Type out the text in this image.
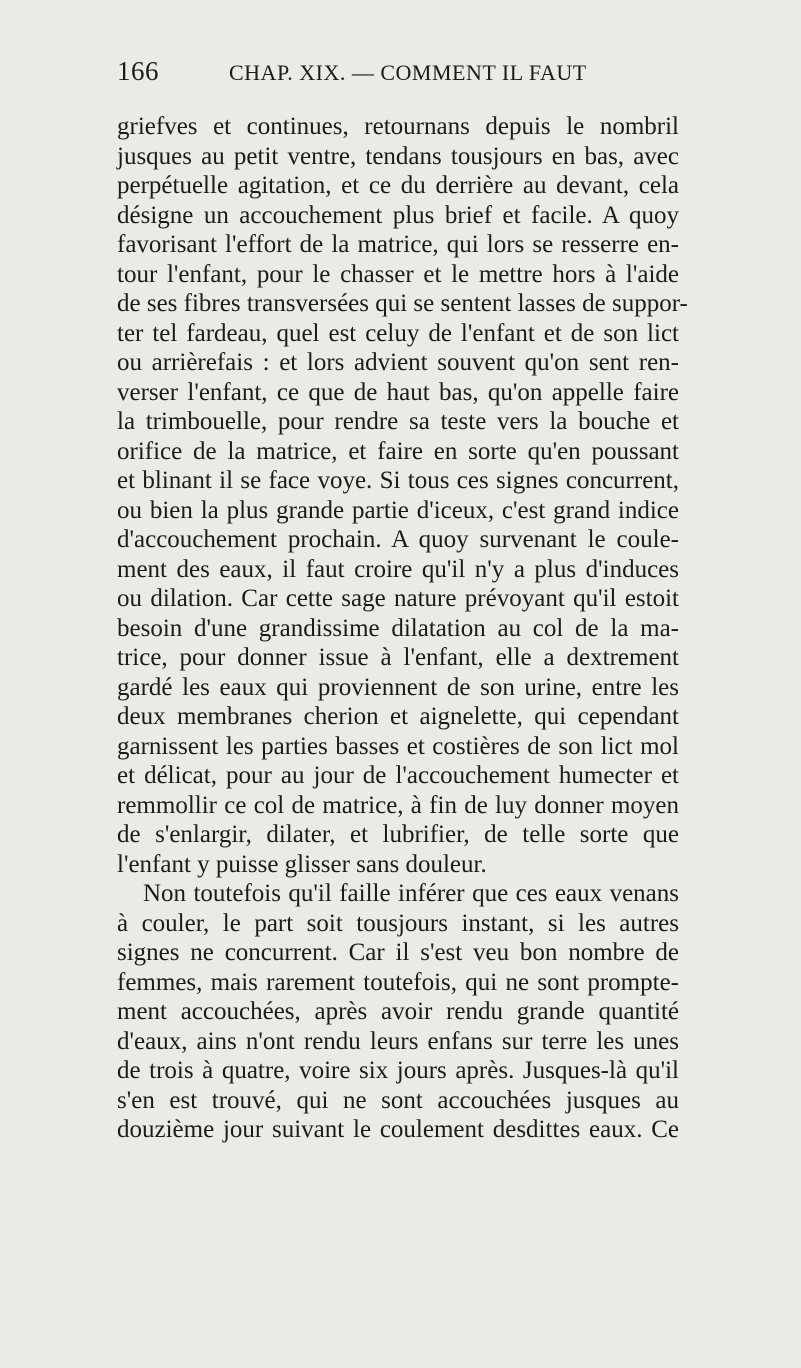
166	CHAP. XIX. — COMMENT IL FAUT
griefves et continues, retournans depuis le nombril
jusques au petit ventre, tendans tousjours en bas, avec
perpétuelle agitation, et ce du derrière au devant, cela
désigne un accouchement plus brief et facile. A quoy
favorisant l'effort de la matrice, qui lors se resserre en-
tour l'enfant, pour le chasser et le mettre hors à l'aide
de ses fibres transversées qui se sentent lasses de suppor-
ter tel fardeau, quel est celuy de l'enfant et de son lict
ou arrièrefais : et lors advient souvent qu'on sent ren-
verser l'enfant, ce que de haut bas, qu'on appelle faire
la trimbouelle, pour rendre sa teste vers la bouche et
orifice de la matrice, et faire en sorte qu'en poussant
et blinant il se face voye. Si tous ces signes concurrent,
ou bien la plus grande partie d'iceux, c'est grand indice
d'accouchement prochain. A quoy survenant le coule-
ment des eaux, il faut croire qu'il n'y a plus d'induces
ou dilation. Car cette sage nature prévoyant qu'il estoit
besoin d'une grandissime dilatation au col de la ma-
trice, pour donner issue à l'enfant, elle a dextrement
gardé les eaux qui proviennent de son urine, entre les
deux membranes cherion et aignelette, qui cependant
garnissent les parties basses et costières de son lict mol
et délicat, pour au jour de l'accouchement humecter et
remmollir ce col de matrice, à fin de luy donner moyen
de s'enlargir, dilater, et lubrifier, de telle sorte que
l'enfant y puisse glisser sans douleur.
Non toutefois qu'il faille inférer que ces eaux venans
à couler, le part soit tousjours instant, si les autres
signes ne concurrent. Car il s'est veu bon nombre de
femmes, mais rarement toutefois, qui ne sont prompte-
ment accouchées, après avoir rendu grande quantité
d'eaux, ains n'ont rendu leurs enfans sur terre les unes
de trois à quatre, voire six jours après. Jusques-là qu'il
s'en est trouvé, qui ne sont accouchées jusques au
douzième jour suivant le coulement desdittes eaux. Ce
